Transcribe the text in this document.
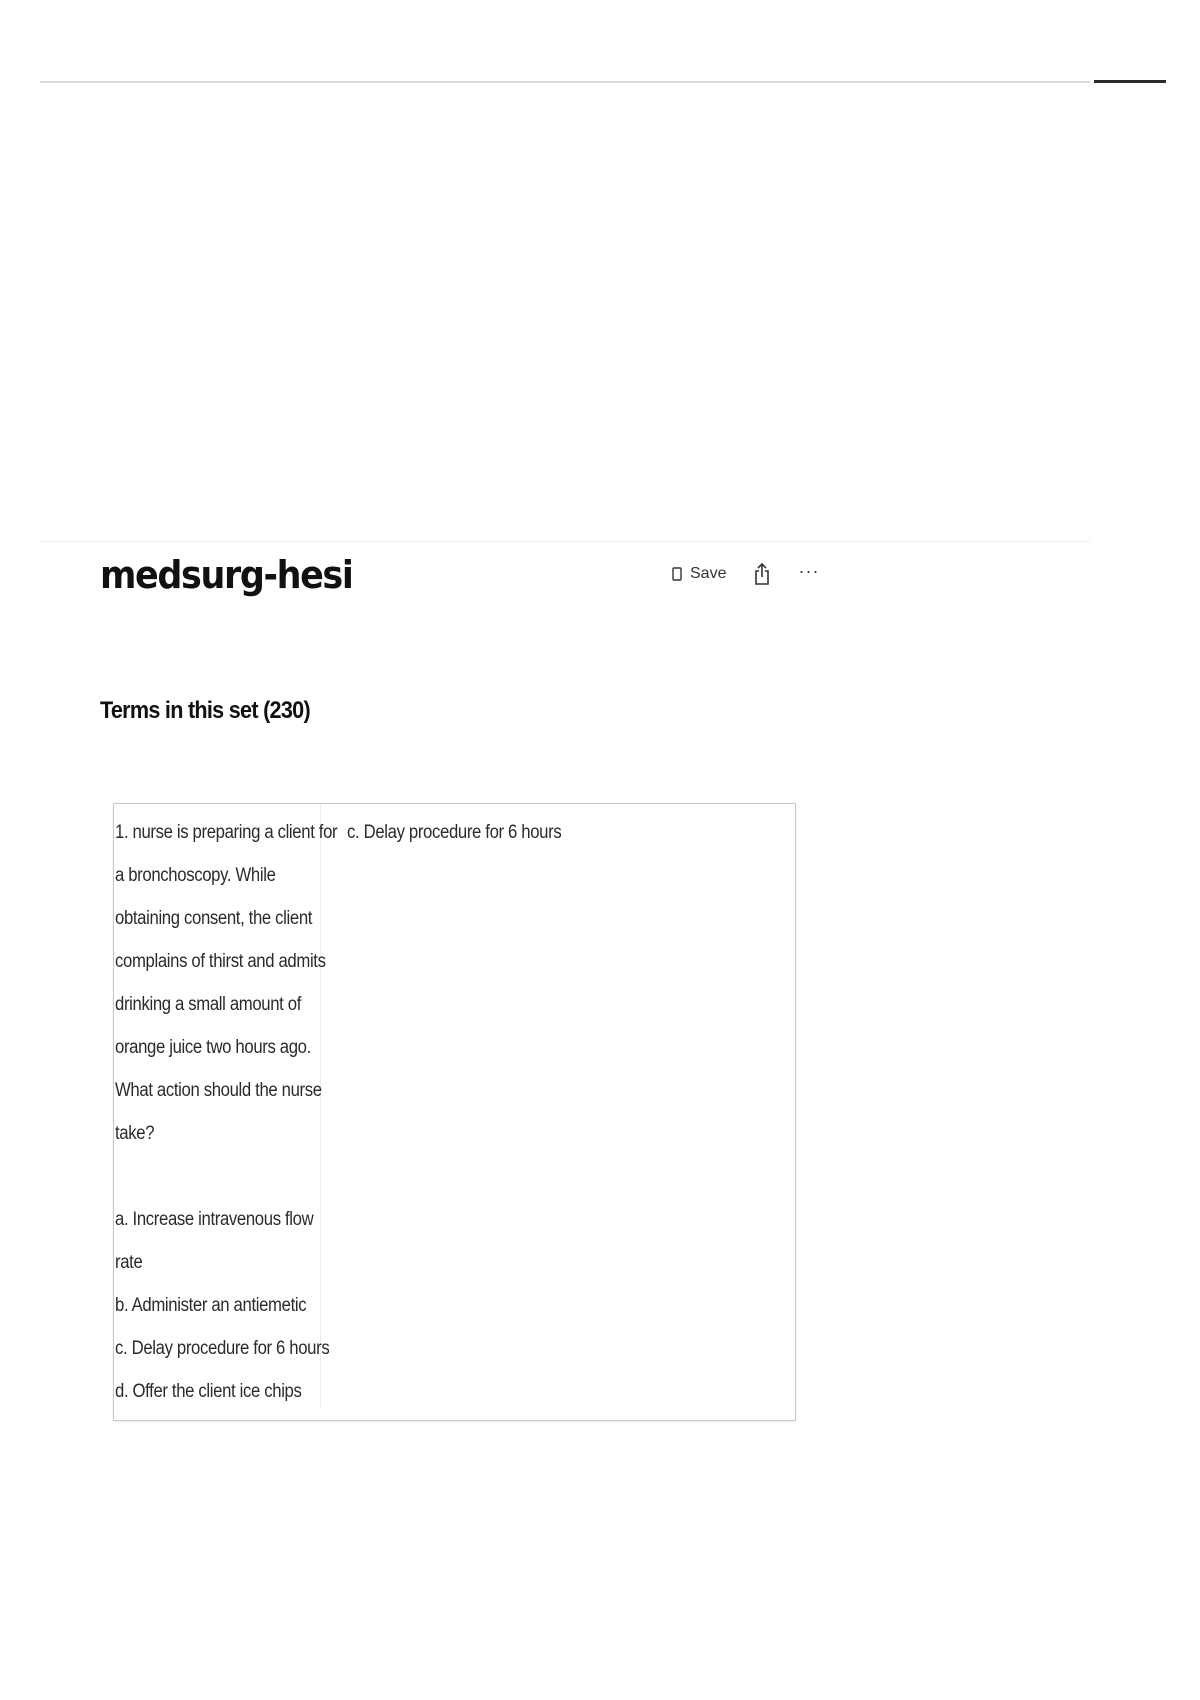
medsurg-hesi	Save	···
Terms in this set (230)
1. nurse is preparing a client for
a bronchoscopy. While
obtaining consent, the client
complains of thirst and admits
drinking a small amount of
orange juice two hours ago.
What action should the nurse
take?
a. Increase intravenous flow
rate
b. Administer an antiemetic
c. Delay procedure for 6 hours
d. Offer the client ice chips
c. Delay procedure for 6 hours
